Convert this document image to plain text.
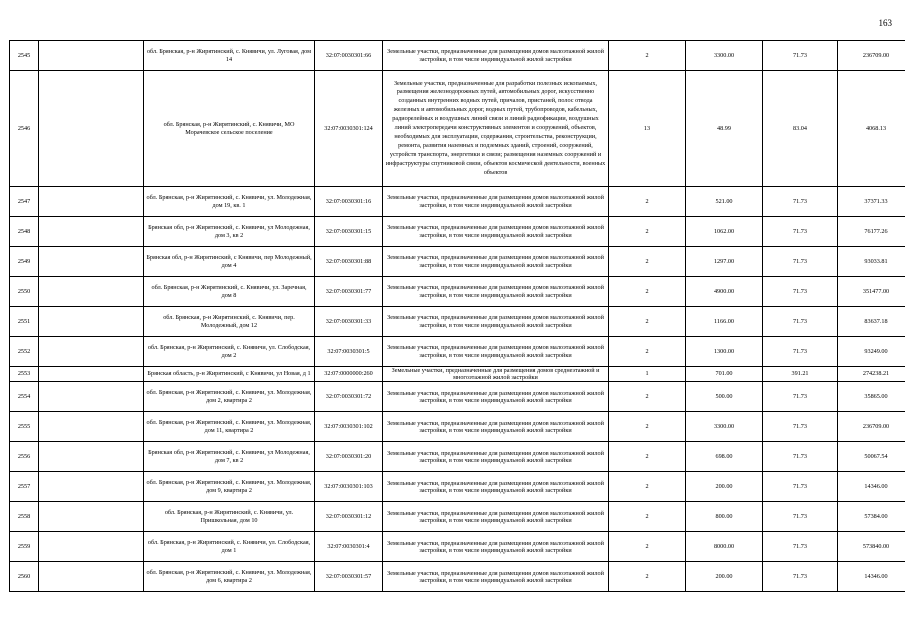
163
2545		обл. Брянская, р-н Жирятинский, с. Княвичи, ул. Луговая, дом 14	32:07:0030301:66	Земельные участки, предназначенные для размещения домов малоэтажной жилой застройки, в том числе индивидуальной жилой застройки	2	3300.00	71.73	236709.00
2546		обл. Брянская, р-н Жирятинский, с. Княвичи, МО Морачевское сельское поселение	32:07:0030301:124	Земельные участки, предназначенные для разработки полезных ископаемых, размещения железнодорожных путей, автомобильных дорог, искусственно созданных внутренних водных путей, причалов, пристаней, полос отвода железных и автомобильных дорог, водных путей, трубопроводов, кабельных, радиорелейных и воздушных линий связи и линий радиофикации, воздушных линий электропередачи конструктивных элементов и сооружений, объектов, необходимых для эксплуатации, содержания, строительства, реконструкции, ремонта, развития наземных и подземных зданий, строений, сооружений, устройств транспорта, энергетики и связи; размещения наземных сооружений и инфраструктуры спутниковой связи, объектов космической деятельности, военных объектов	13	48.99	83.04	4068.13
2547		обл. Брянская, р-н Жирятинский, с. Княвичи, ул. Молодежная, дом 19, кв. 1	32:07:0030301:16	Земельные участки, предназначенные для размещения домов малоэтажной жилой застройки, в том числе индивидуальной жилой застройки	2	521.00	71.73	37371.33
2548		Брянская обл, р-н Жирятинский, с. Княвичи, ул Молодежная, дом 3, кв 2	32:07:0030301:15	Земельные участки, предназначенные для размещения домов малоэтажной жилой застройки, в том числе индивидуальной жилой застройки	2	1062.00	71.73	76177.26
2549		Брянская обл, р-н Жирятинский, с Княвичи, пер Молодежный, дом 4	32:07:0030301:88	Земельные участки, предназначенные для размещения домов малоэтажной жилой застройки, в том числе индивидуальной жилой застройки	2	1297.00	71.73	93033.81
2550		обл. Брянская, р-н Жирятинский, с. Княвичи, ул. Заречная, дом 8	32:07:0030301:77	Земельные участки, предназначенные для размещения домов малоэтажной жилой застройки, в том числе индивидуальной жилой застройки	2	4900.00	71.73	351477.00
2551		обл. Брянская, р-н Жирятинский, с. Княвичи, пер. Молодежный, дом 12	32:07:0030301:33	Земельные участки, предназначенные для размещения домов малоэтажной жилой застройки, в том числе индивидуальной жилой застройки	2	1166.00	71.73	83637.18
2552		обл. Брянская, р-н Жирятинский, с. Княвичи, ул. Слободская, дом 2	32:07:0030301:5	Земельные участки, предназначенные для размещения домов малоэтажной жилой застройки, в том числе индивидуальной жилой застройки	2	1300.00	71.73	93249.00
2553		Брянская область, р-н Жирятинский, с Княвичи, ул Новая, д 1	32:07:0000000:260	Земельные участки, предназначенные для размещения домов среднеэтажной и многоэтажной жилой застройки	1	701.00	391.21	274238.21
2554		обл. Брянская, р-н Жирятинский, с. Княвичи, ул. Молодежная, дом 2, квартира 2	32:07:0030301:72	Земельные участки, предназначенные для размещения домов малоэтажной жилой застройки, в том числе индивидуальной жилой застройки	2	500.00	71.73	35865.00
2555		обл. Брянская, р-н Жирятинский, с. Княвичи, ул. Молодежная, дом 11, квартира 2	32:07:0030301:102	Земельные участки, предназначенные для размещения домов малоэтажной жилой застройки, в том числе индивидуальной жилой застройки	2	3300.00	71.73	236709.00
2556		Брянская обл, р-н Жирятинский, с. Княвичи, ул Молодежная, дом 7, кв 2	32:07:0030301:20	Земельные участки, предназначенные для размещения домов малоэтажной жилой застройки, в том числе индивидуальной жилой застройки	2	698.00	71.73	50067.54
2557		обл. Брянская, р-н Жирятинский, с. Княвичи, ул. Молодежная, дом 9, квартира 2	32:07:0030301:103	Земельные участки, предназначенные для размещения домов малоэтажной жилой застройки, в том числе индивидуальной жилой застройки	2	200.00	71.73	14346.00
2558		обл. Брянская, р-н Жирятинский, с. Княвичи, ул. Пришкольная, дом 10	32:07:0030301:12	Земельные участки, предназначенные для размещения домов малоэтажной жилой застройки, в том числе индивидуальной жилой застройки	2	800.00	71.73	57384.00
2559		обл. Брянская, р-н Жирятинский, с. Княвичи, ул. Слободская, дом 1	32:07:0030301:4	Земельные участки, предназначенные для размещения домов малоэтажной жилой застройки, в том числе индивидуальной жилой застройки	2	8000.00	71.73	573840.00
2560		обл. Брянская, р-н Жирятинский, с. Княвичи, ул. Молодежная, дом 6, квартира 2	32:07:0030301:57	Земельные участки, предназначенные для размещения домов малоэтажной жилой застройки, в том числе индивидуальной жилой застройки	2	200.00	71.73	14346.00
